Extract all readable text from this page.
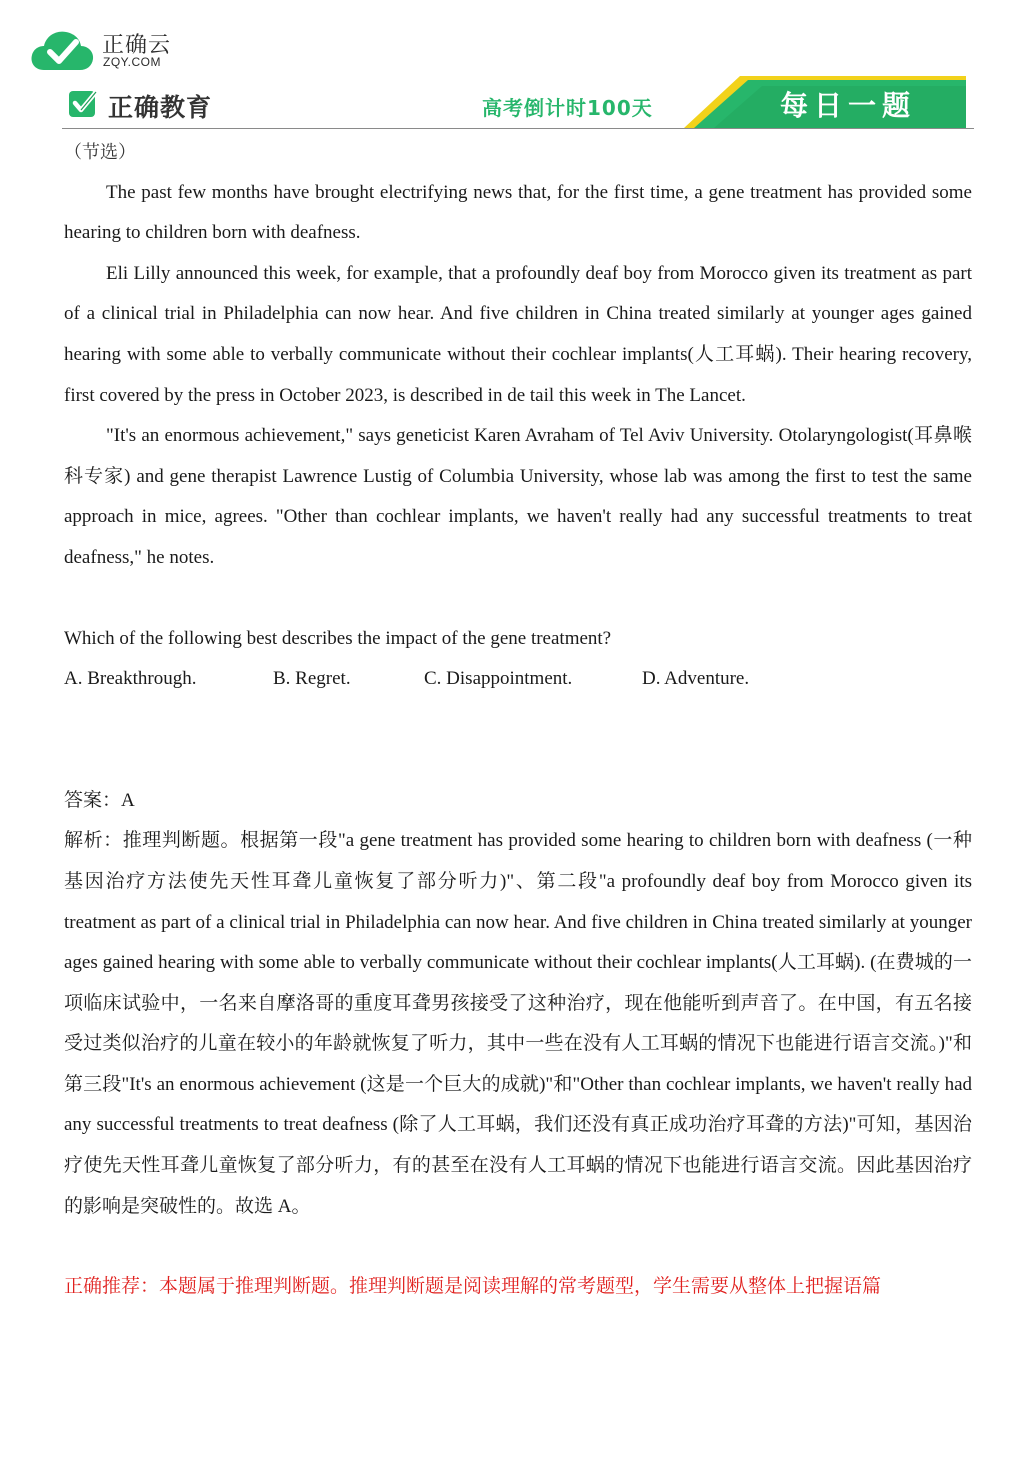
正确云
ZQY.COM
正确教育	高考倒计时100天	每日一题

（节选）

The past few months have brought electrifying news that, for the first time, a gene treatment has provided some hearing to children born with deafness.

Eli Lilly announced this week, for example, that a profoundly deaf boy from Morocco given its treatment as part of a clinical trial in Philadelphia can now hear. And five children in China treated similarly at younger ages gained hearing with some able to verbally communicate without their cochlear implants(人工耳蜗). Their hearing recovery, first covered by the press in October 2023, is described in de tail this week in The Lancet.

"It's an enormous achievement," says geneticist Karen Avraham of Tel Aviv University. Otolaryngologist(耳鼻喉科专家) and gene therapist Lawrence Lustig of Columbia University, whose lab was among the first to test the same approach in mice, agrees. "Other than cochlear implants, we haven't really had any successful treatments to treat deafness," he notes.

Which of the following best describes the impact of the gene treatment?

A. Breakthrough.	B. Regret.	C. Disappointment.	D. Adventure.

答案：A

解析：推理判断题。根据第一段"a gene treatment has provided some hearing to children born with deafness (一种基因治疗方法使先天性耳聋儿童恢复了部分听力)"、第二段"a profoundly deaf boy from Morocco given its treatment as part of a clinical trial in Philadelphia can now hear. And five children in China treated similarly at younger ages gained hearing with some able to verbally communicate without their cochlear implants(人工耳蜗). (在费城的一项临床试验中，一名来自摩洛哥的重度耳聋男孩接受了这种治疗，现在他能听到声音了。在中国，有五名接受过类似治疗的儿童在较小的年龄就恢复了听力，其中一些在没有人工耳蜗的情况下也能进行语言交流。)"和第三段"It's an enormous achievement (这是一个巨大的成就)"和"Other than cochlear implants, we haven't really had any successful treatments to treat deafness (除了人工耳蜗，我们还没有真正成功治疗耳聋的方法)"可知，基因治疗使先天性耳聋儿童恢复了部分听力，有的甚至在没有人工耳蜗的情况下也能进行语言交流。因此基因治疗的影响是突破性的。故选 A。

正确推荐：本题属于推理判断题。推理判断题是阅读理解的常考题型，学生需要从整体上把握语篇
